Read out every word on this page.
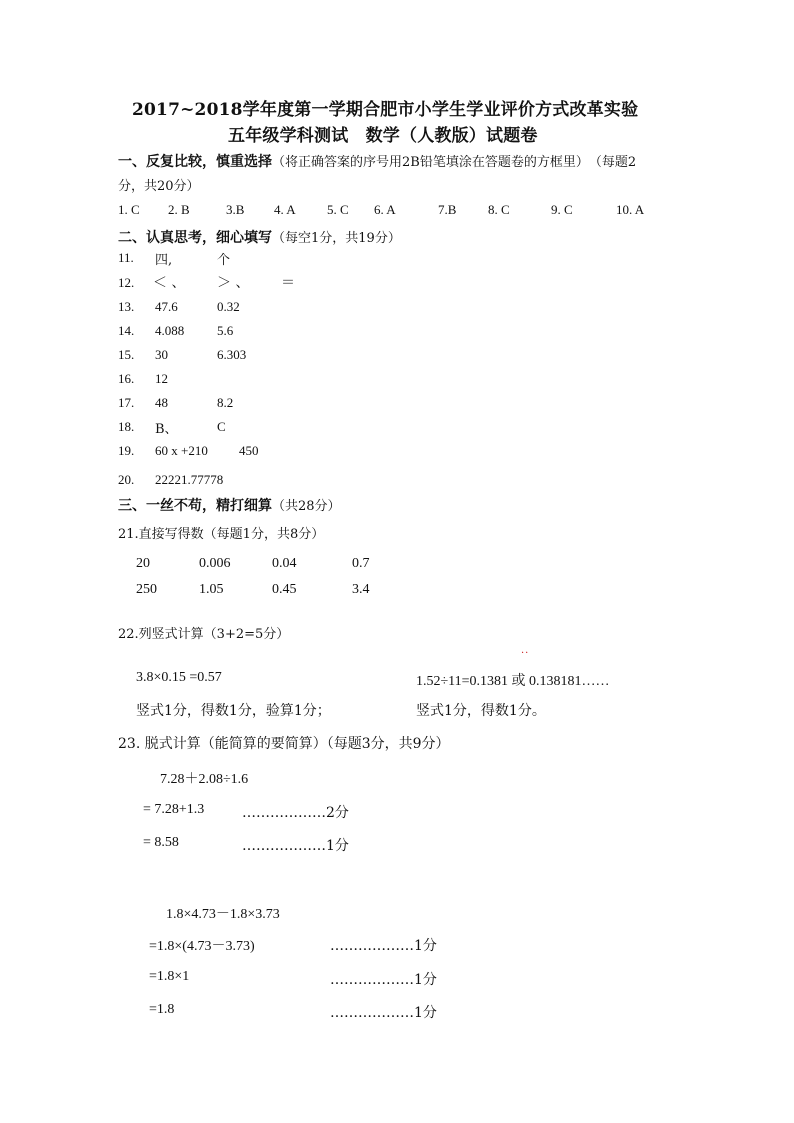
2017~2018学年度第一学期合肥市小学生学业评价方式改革实验
五年级学科测试　数学（人教版）试题卷
一、反复比较，慎重选择（将正确答案的序号用2B铅笔填涂在答题卷的方框里）　（每题2
分，共20分）
1. C 2. B	3.B 4. A 5. C 6. A	7.B 8. C	9. C	10. A
二、认真思考，细心填写（每空1分，共19分）
11. 四,	个
12. ＜ 、 ＞ 、 ＝
13. 47.6	0.32
14. 4.088	5.6
15. 30	6.303
16. 12
17. 48	8.2
18. B、	C
19. 60 x +210 450
20. 22221.77778
三、一丝不苟，精打细算（共28分）
21.直接写得数（每题1分，共8分）
20	0.006	0.04	0.7
250	1.05	0.45	3.4
22.列竖式计算（3+2=5分）
··
3.8×0.15 =0.57
竖式1分，得数1分，验算1分；
1.52÷11=0.1381 或 0.138181……
竖式1分，得数1分。
23. 脱式计算（能简算的要简算）（每题3分，共9分）
7.28＋2.08÷1.6
= 7.28+1.3	………………2分
= 8.58	………………1分
1.8×4.73－1.8×3.73
=1.8×(4.73－3.73)	………………1分
=1.8×1	………………1分
=1.8	………………1分
